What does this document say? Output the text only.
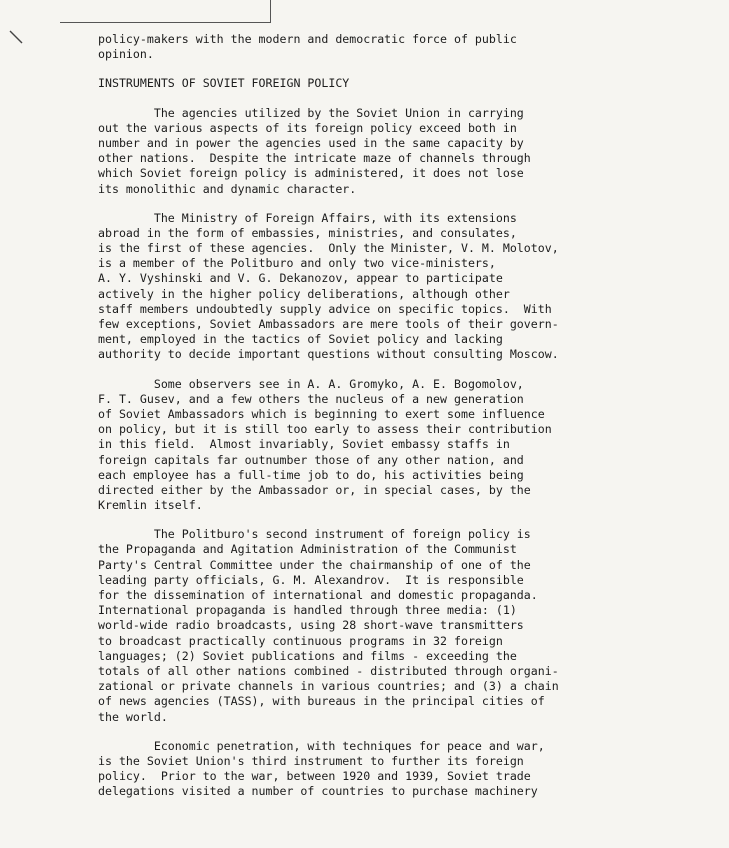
policy-makers with the modern and democratic force of public
opinion.
INSTRUMENTS OF SOVIET FOREIGN POLICY
The agencies utilized by the Soviet Union in carrying
out the various aspects of its foreign policy exceed both in
number and in power the agencies used in the same capacity by
other nations.  Despite the intricate maze of channels through
which Soviet foreign policy is administered, it does not lose
its monolithic and dynamic character.
The Ministry of Foreign Affairs, with its extensions
abroad in the form of embassies, ministries, and consulates,
is the first of these agencies.  Only the Minister, V. M. Molotov,
is a member of the Politburo and only two vice-ministers,
A. Y. Vyshinski and V. G. Dekanozov, appear to participate
actively in the higher policy deliberations, although other
staff members undoubtedly supply advice on specific topics.  With
few exceptions, Soviet Ambassadors are mere tools of their govern-
ment, employed in the tactics of Soviet policy and lacking
authority to decide important questions without consulting Moscow.
Some observers see in A. A. Gromyko, A. E. Bogomolov,
F. T. Gusev, and a few others the nucleus of a new generation
of Soviet Ambassadors which is beginning to exert some influence
on policy, but it is still too early to assess their contribution
in this field.  Almost invariably, Soviet embassy staffs in
foreign capitals far outnumber those of any other nation, and
each employee has a full-time job to do, his activities being
directed either by the Ambassador or, in special cases, by the
Kremlin itself.
The Politburo's second instrument of foreign policy is
the Propaganda and Agitation Administration of the Communist
Party's Central Committee under the chairmanship of one of the
leading party officials, G. M. Alexandrov.  It is responsible
for the dissemination of international and domestic propaganda.
International propaganda is handled through three media: (1)
world-wide radio broadcasts, using 28 short-wave transmitters
to broadcast practically continuous programs in 32 foreign
languages; (2) Soviet publications and films - exceeding the
totals of all other nations combined - distributed through organi-
zational or private channels in various countries; and (3) a chain
of news agencies (TASS), with bureaus in the principal cities of
the world.
Economic penetration, with techniques for peace and war,
is the Soviet Union's third instrument to further its foreign
policy.  Prior to the war, between 1920 and 1939, Soviet trade
delegations visited a number of countries to purchase machinery
